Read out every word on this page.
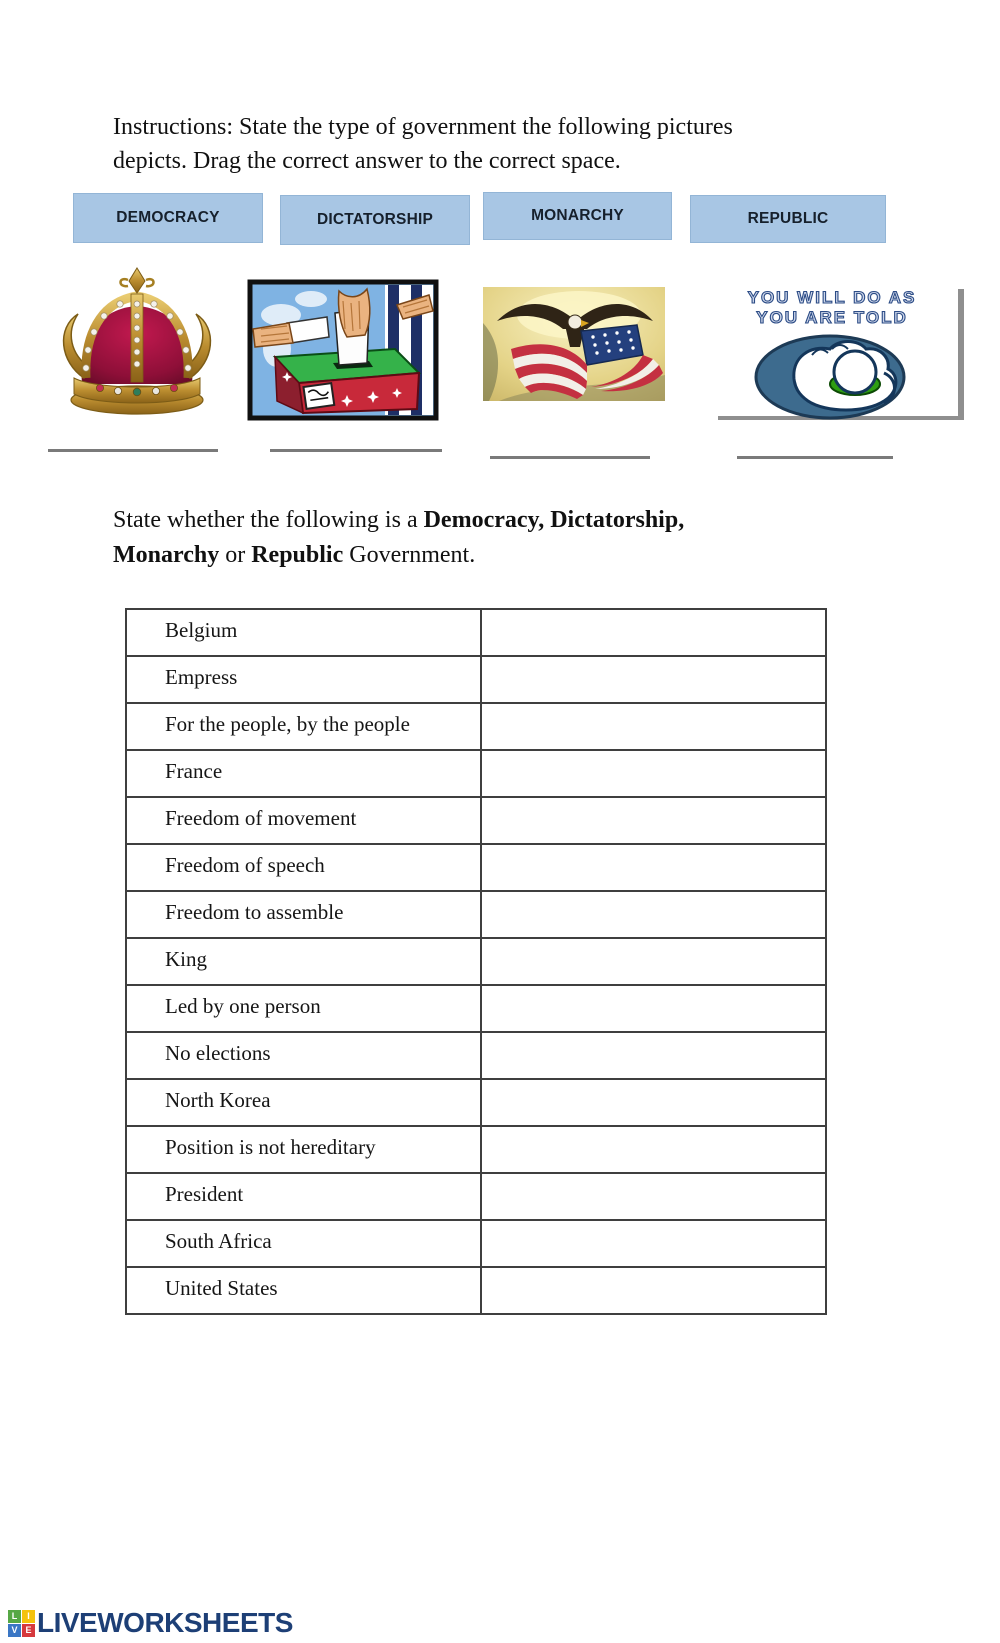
Instructions: State the type of government the following pictures
depicts. Drag the correct answer to the correct space.

DEMOCRACY	DICTATORSHIP	MONARCHY	REPUBLIC
YOU WILL DO AS
YOU ARE TOLD

State whether the following is a Democracy, Dictatorship,
Monarchy or Republic Government.

Belgium	
Empress	
For the people, by the people	
France	
Freedom of movement	
Freedom of speech	
Freedom to assemble	
King	
Led by one person	
No elections	
North Korea	
Position is not hereditary	
President	
South Africa	
United States	
L	I
V E LIVEWORKSHEETS
